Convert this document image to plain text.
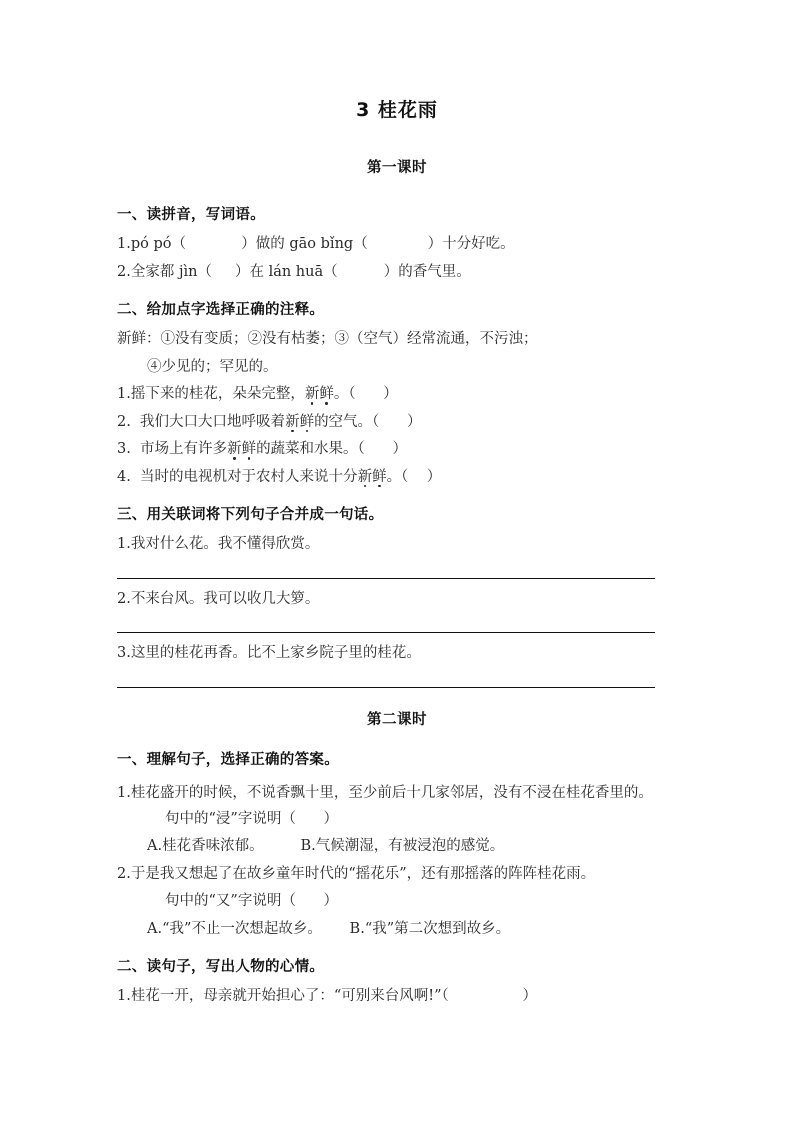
3 桂花雨
第一课时
一、读拼音，写词语。
1.pó pó（            ）做的 gāo bǐng（             ）十分好吃。
2.全家都 jìn（     ）在 lán huā（          ）的香气里。
二、给加点字选择正确的注释。
新鲜：①没有变质；②没有枯萎；③（空气）经常流通，不污浊；
④少见的；罕见的。
1.摇下来的桂花，朵朵完整，新鲜。（      ）
2.  我们大口大口地呼吸着新鲜的空气。（      ）
3.  市场上有许多新鲜的蔬菜和水果。（      ）
4.  当时的电视机对于农村人来说十分新鲜。（    ）
三、用关联词将下列句子合并成一句话。
1.我对什么花。我不懂得欣赏。
2.不来台风。我可以收几大箩。
3.这里的桂花再香。比不上家乡院子里的桂花。
第二课时
一、理解句子，选择正确的答案。
1.桂花盛开的时候，不说香飘十里，至少前后十几家邻居，没有不浸在桂花香里的。
句中的“浸”字说明（      ）
A.桂花香味浓郁。        B.气候潮湿，有被浸泡的感觉。
2.于是我又想起了在故乡童年时代的“摇花乐”，还有那摇落的阵阵桂花雨。
句中的“又”字说明（      ）
A.“我”不止一次想起故乡。      B.“我”第二次想到故乡。
二、读句子，写出人物的心情。
1.桂花一开，母亲就开始担心了：“可别来台风啊!”（                ）
